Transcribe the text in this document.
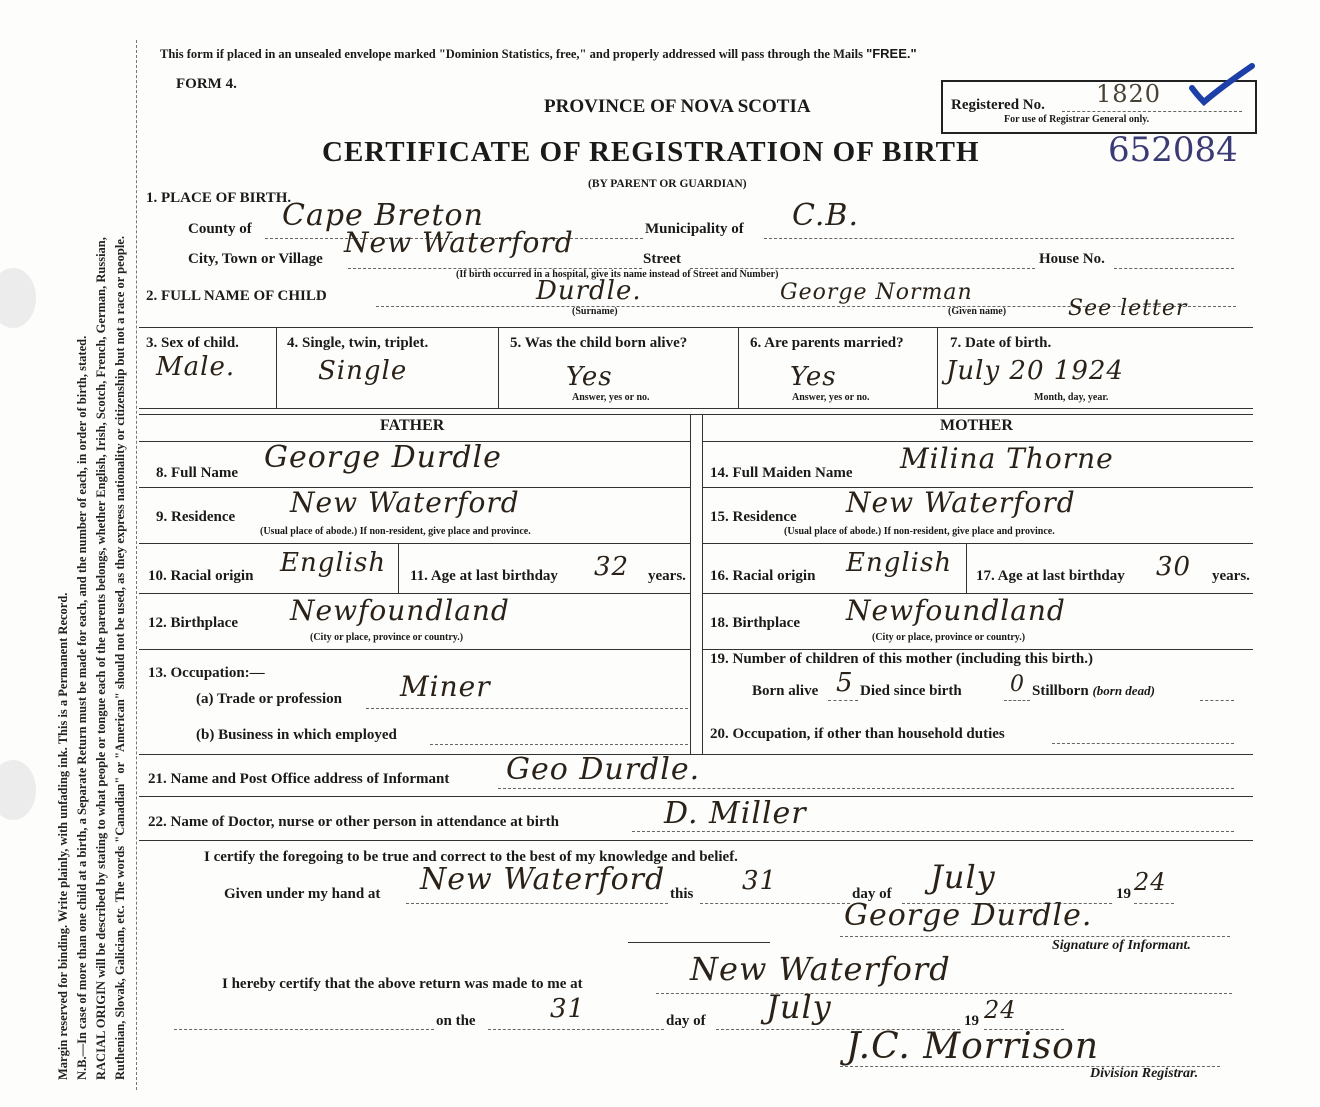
Margin reserved for binding. Write plainly, with unfading ink. This is a Permanent Record. N.B.—In case of more than one child at a birth, a Separate Return must be made for each, and the number of each, in order of birth, stated. RACIAL ORIGIN will be described by stating to what people or tongue each of the parents belongs, whether English, Irish, Scotch, French, German, Russian, Ruthenian, Slovak, Galician, etc. The words "Canadian" or "American" should not be used, as they express nationality or citizenship but not a race or people.
This form if placed in an unsealed envelope marked "Dominion Statistics, free," and properly addressed will pass through the Mails "FREE."
FORM 4.
PROVINCE OF NOVA SCOTIA
CERTIFICATE OF REGISTRATION OF BIRTH
(BY PARENT OR GUARDIAN)
Registered No. 1820
For use of Registrar General only.
652084
1. PLACE OF BIRTH.
County of Cape Breton	Municipality of C.B.
City, Town or Village New Waterford	Street	House No.
(If birth occurred in a hospital, give its name instead of Street and Number)
2. FULL NAME OF CHILD	Durdle.	George Norman
See letter
(Surname)	(Given name)
3. Sex of child.
Male.
4. Single, twin, triplet.
Single
5. Was the child born alive?
Yes
Answer, yes or no.
6. Are parents married?
Yes
Answer, yes or no.
7. Date of birth.
July 20 1924
Month, day, year.
FATHER	MOTHER
8. Full Name George Durdle
9. Residence New Waterford
(Usual place of abode.) If non-resident, give place and province.
10. Racial origin English 11. Age at last birthday 32 years.
12. Birthplace Newfoundland
(City or place, province or country.)
13. Occupation:—
(a) Trade or profession Miner
(b) Business in which employed
14. Full Maiden Name Milina Thorne
15. Residence New Waterford
(Usual place of abode.) If non-resident, give place and province.
16. Racial origin English 17. Age at last birthday 30 years.
18. Birthplace Newfoundland
(City or place, province or country.)
19. Number of children of this mother (including this birth.)
Born alive 5 Died since birth 0 Stillborn (born dead)
20. Occupation, if other than household duties
21. Name and Post Office address of Informant Geo Durdle.
22. Name of Doctor, nurse or other person in attendance at birth	D. Miller
I certify the foregoing to be true and correct to the best of my knowledge and belief.
Given under my hand at New Waterford this 31	day of July	19 24
George Durdle.
Signature of Informant.
I hereby certify that the above return was made to me at	New Waterford
on the	31	day of July	19 24
J.C. Morrison
Division Registrar.
